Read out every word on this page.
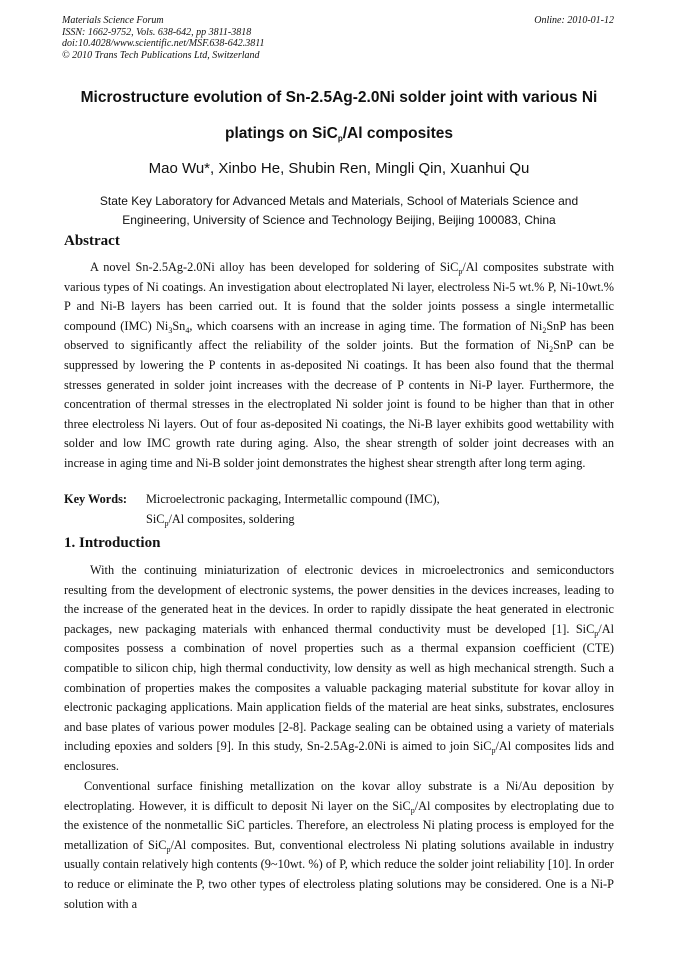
Materials Science Forum
ISSN: 1662-9752, Vols. 638-642, pp 3811-3818
doi:10.4028/www.scientific.net/MSF.638-642.3811
© 2010 Trans Tech Publications Ltd, Switzerland
Online: 2010-01-12
Microstructure evolution of Sn-2.5Ag-2.0Ni solder joint with various Ni
platings on SiC$_p$/Al composites
Mao Wu*, Xinbo He, Shubin Ren, Mingli Qin, Xuanhui Qu
State Key Laboratory for Advanced Metals and Materials, School of Materials Science and
Engineering, University of Science and Technology Beijing, Beijing 100083, China
Abstract
A novel Sn-2.5Ag-2.0Ni alloy has been developed for soldering of SiC$_p$/Al composites substrate with various types of Ni coatings. An investigation about electroplated Ni layer, electroless Ni-5 wt.% P, Ni-10wt.% P and Ni-B layers has been carried out. It is found that the solder joints possess a single intermetallic compound (IMC) $Ni_3Sn_4$, which coarsens with an increase in aging time. The formation of $Ni_2SnP$ has been observed to significantly affect the reliability of the solder joints. But the formation of $Ni_2SnP$ can be suppressed by lowering the P contents in as-deposited Ni coatings. It has been also found that the thermal stresses generated in solder joint increases with the decrease of P contents in Ni-P layer. Furthermore, the concentration of thermal stresses in the electroplated Ni solder joint is found to be higher than that in other three electroless Ni layers. Out of four as-deposited Ni coatings, the Ni-B layer exhibits good wettability with solder and low IMC growth rate during aging. Also, the shear strength of solder joint decreases with an increase in aging time and Ni-B solder joint demonstrates the highest shear strength after long term aging.
Key Words: Microelectronic packaging, Intermetallic compound (IMC),
SiC$_p$/Al composites, soldering
1. Introduction
With the continuing miniaturization of electronic devices in microelectronics and semiconductors resulting from the development of electronic systems, the power densities in the devices increases, leading to the increase of the generated heat in the devices. In order to rapidly dissipate the heat generated in electronic packages, new packaging materials with enhanced thermal conductivity must be developed [1]. SiC$_p$/Al composites possess a combination of novel properties such as a thermal expansion coefficient (CTE) compatible to silicon chip, high thermal conductivity, low density as well as high mechanical strength. Such a combination of properties makes the composites a valuable packaging material substitute for kovar alloy in electronic packaging applications. Main application fields of the material are heat sinks, substrates, enclosures and base plates of various power modules [2-8]. Package sealing can be obtained using a variety of materials including epoxies and solders [9]. In this study, Sn-2.5Ag-2.0Ni is aimed to join SiC$_p$/Al composites lids and enclosures.
Conventional surface finishing metallization on the kovar alloy substrate is a Ni/Au deposition by electroplating. However, it is difficult to deposit Ni layer on the SiC$_p$/Al composites by electroplating due to the existence of the nonmetallic SiC particles. Therefore, an electroless Ni plating process is employed for the metallization of SiC$_p$/Al composites. But, conventional electroless Ni plating solutions available in industry usually contain relatively high contents (9~10wt. %) of P, which reduce the solder joint reliability [10]. In order to reduce or eliminate the P, two other types of electroless plating solutions may be considered. One is a Ni-P solution with a
